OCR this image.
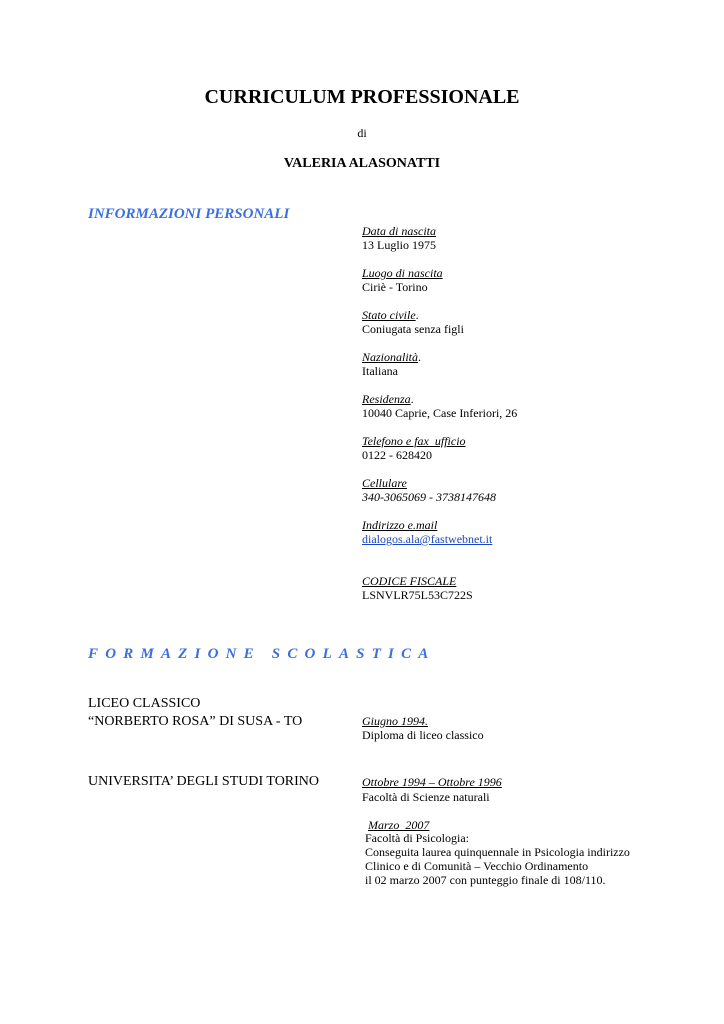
CURRICULUM PROFESSIONALE
di
VALERIA ALASONATTI
INFORMAZIONI PERSONALI
Data di nascita
13 Luglio 1975
Luogo di nascita
Ciriè - Torino
Stato civile.
Coniugata senza figli
Nazionalità.
Italiana
Residenza.
10040 Caprie, Case Inferiori, 26
Telefono e fax  ufficio
0122 - 628420
Cellulare
340-3065069 - 3738147648
Indirizzo e.mail
dialogos.ala@fastwebnet.it
CODICE FISCALE
LSNVLR75L53C722S
FORMAZIONE SCOLASTICA
LICEO CLASSICO
“NORBERTO ROSA” DI SUSA - TO	Giugno 1994.
Diploma di liceo classico
UNIVERSITA’ DEGLI STUDI TORINO	Ottobre 1994 – Ottobre 1996
Facoltà di Scienze naturali
Marzo  2007
Facoltà di Psicologia:
Conseguita laurea quinquennale in Psicologia indirizzo
Clinico e di Comunità – Vecchio Ordinamento
il 02 marzo 2007 con punteggio finale di 108/110.
